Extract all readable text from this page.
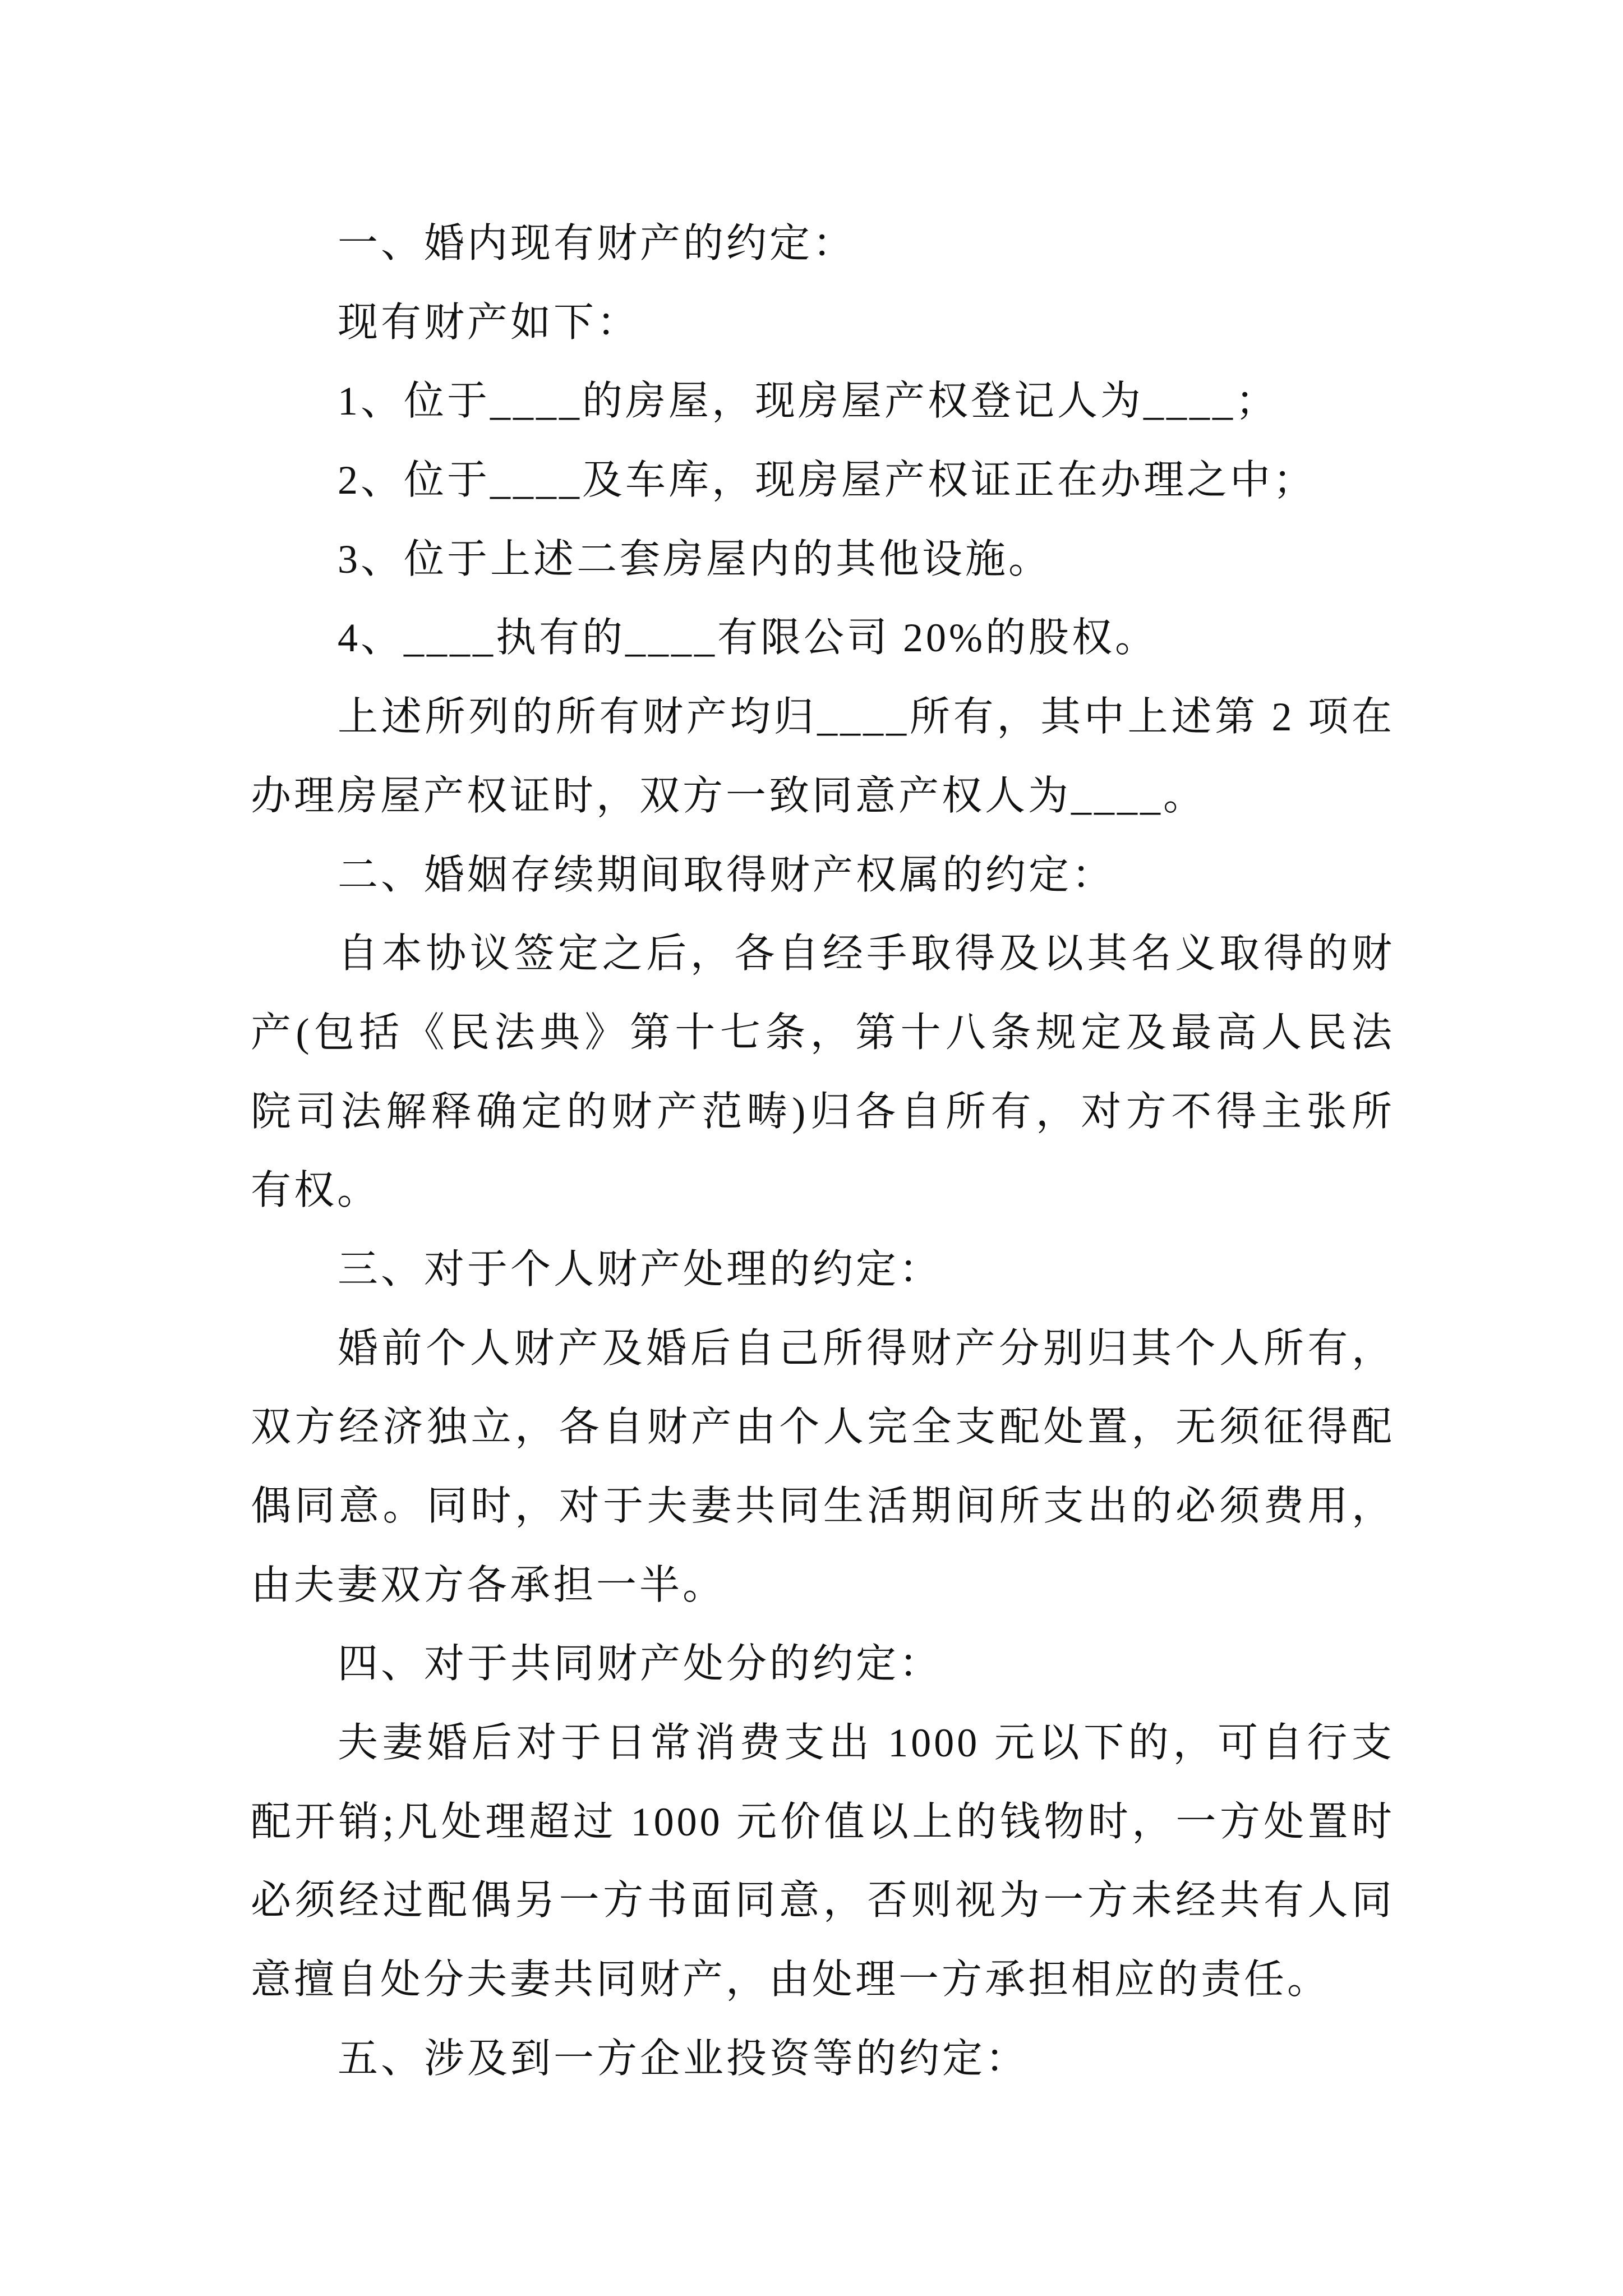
一、婚内现有财产的约定：
现有财产如下：
1、位于____的房屋，现房屋产权登记人为____；
2、位于____及车库，现房屋产权证正在办理之中；
3、位于上述二套房屋内的其他设施。
4、____执有的____有限公司 20%的股权。
上述所列的所有财产均归____所有，其中上述第 2 项在
办理房屋产权证时，双方一致同意产权人为____。
二、婚姻存续期间取得财产权属的约定：
自本协议签定之后，各自经手取得及以其名义取得的财
产(包括《民法典》第十七条，第十八条规定及最高人民法
院司法解释确定的财产范畴)归各自所有，对方不得主张所
有权。
三、对于个人财产处理的约定：
婚前个人财产及婚后自己所得财产分别归其个人所有，
双方经济独立，各自财产由个人完全支配处置，无须征得配
偶同意。同时，对于夫妻共同生活期间所支出的必须费用，
由夫妻双方各承担一半。
四、对于共同财产处分的约定：
夫妻婚后对于日常消费支出 1000 元以下的，可自行支
配开销;凡处理超过 1000 元价值以上的钱物时，一方处置时
必须经过配偶另一方书面同意，否则视为一方未经共有人同
意擅自处分夫妻共同财产，由处理一方承担相应的责任。
五、涉及到一方企业投资等的约定：
